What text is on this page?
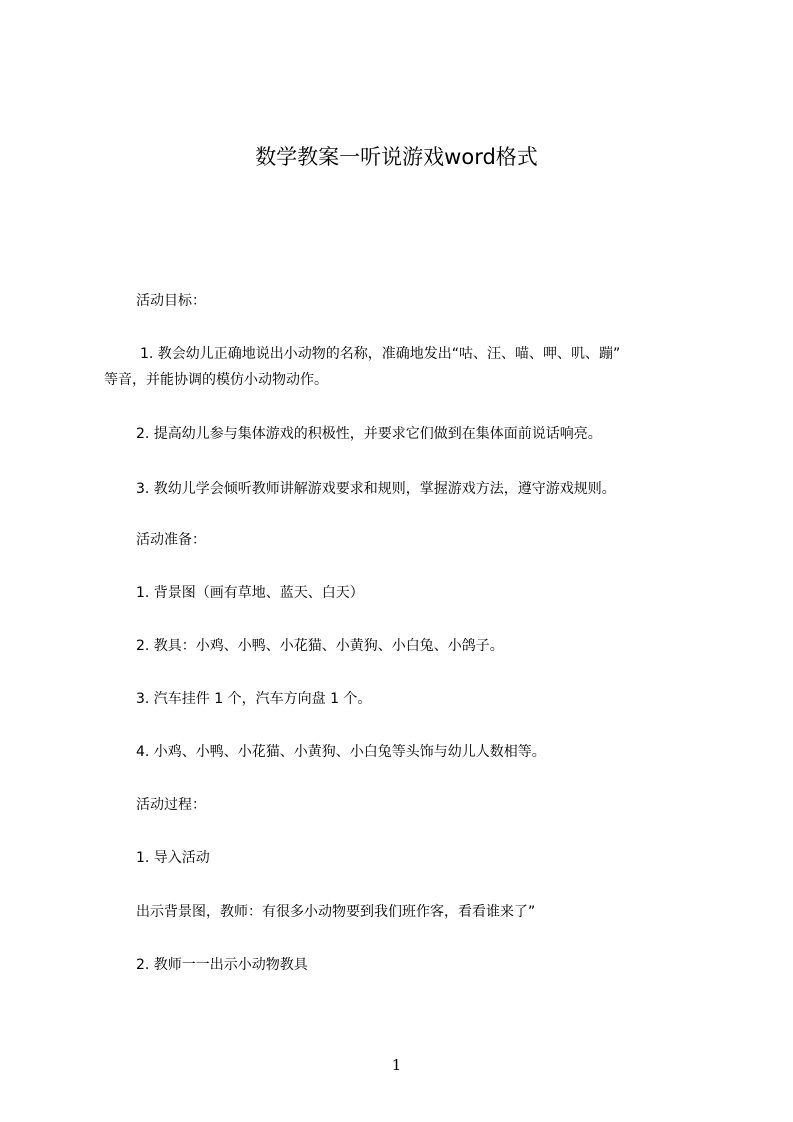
数学教案一听说游戏word格式
活动目标：
1. 教会幼儿正确地说出小动物的名称，准确地发出“咕、汪、喵、呷、叽、蹦”
等音，并能协调的模仿小动物动作。
2. 提高幼儿参与集体游戏的积极性，并要求它们做到在集体面前说话响亮。
3. 教幼儿学会倾听教师讲解游戏要求和规则，掌握游戏方法，遵守游戏规则。
活动准备：
1. 背景图（画有草地、蓝天、白天）
2. 教具：小鸡、小鸭、小花猫、小黄狗、小白兔、小鸽子。
3. 汽车挂件 1 个，汽车方向盘 1 个。
4. 小鸡、小鸭、小花猫、小黄狗、小白兔等头饰与幼儿人数相等。
活动过程：
1. 导入活动
出示背景图，教师：有很多小动物要到我们班作客，看看谁来了”
2. 教师一一出示小动物教具
1
